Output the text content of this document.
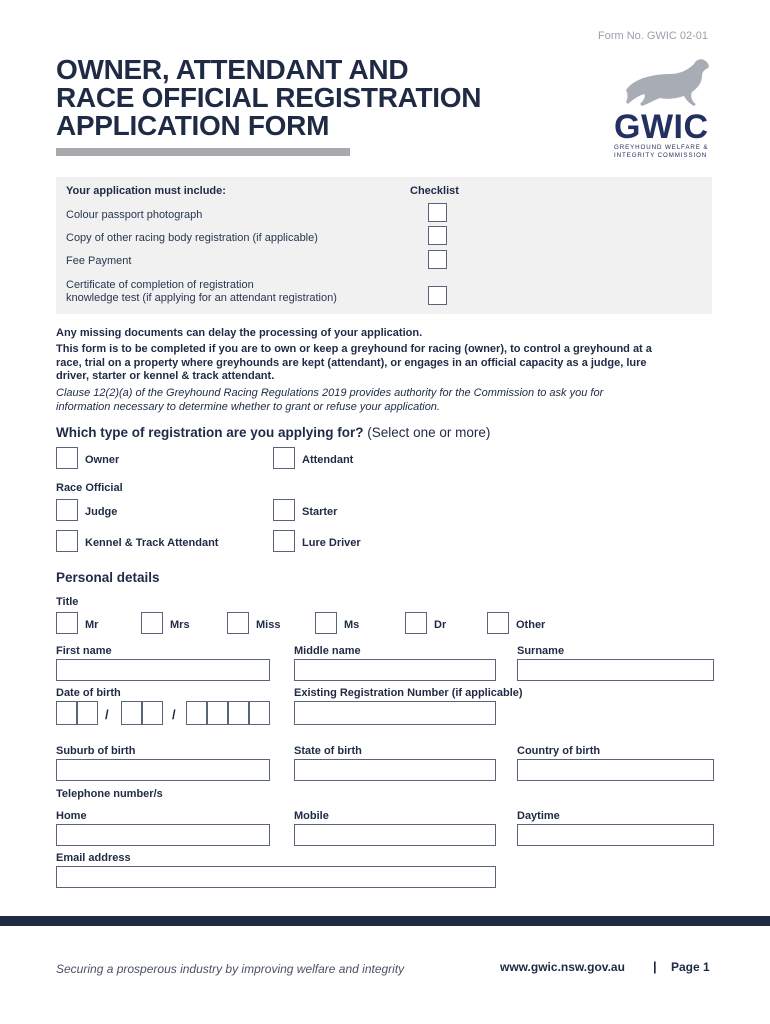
Form No. GWIC 02-01
OWNER, ATTENDANT AND
RACE OFFICIAL REGISTRATION
APPLICATION FORM	GWIC
GREYHOUND WELFARE &
INTEGRITY COMMISSION
Your application must include:	Checklist
Colour passport photograph
Copy of other racing body registration (if applicable)
Fee Payment
Certificate of completion of registration
knowledge test (if applying for an attendant registration)
Any missing documents can delay the processing of your application.
This form is to be completed if you are to own or keep a greyhound for racing (owner), to control a greyhound at a
race, trial on a property where greyhounds are kept (attendant), or engages in an official capacity as a judge, lure
driver, starter or kennel & track attendant.
Clause 12(2)(a) of the Greyhound Racing Regulations 2019 provides authority for the Commission to ask you for
information necessary to determine whether to grant or refuse your application.
Which type of registration are you applying for? (Select one or more)
Owner	Attendant
Race Official
Judge	Starter
Kennel & Track Attendant	Lure Driver
Personal details
Title
Mr	Mrs	Miss	Ms	Dr	Other
First name	Middle name	Surname
Date of birth	Existing Registration Number (if applicable)
/	/
Suburb of birth	State of birth	Country of birth
Telephone number/s
Home	Mobile	Daytime
Email address
Securing a prosperous industry by improving welfare and integrity	www.gwic.nsw.gov.au | Page 1
